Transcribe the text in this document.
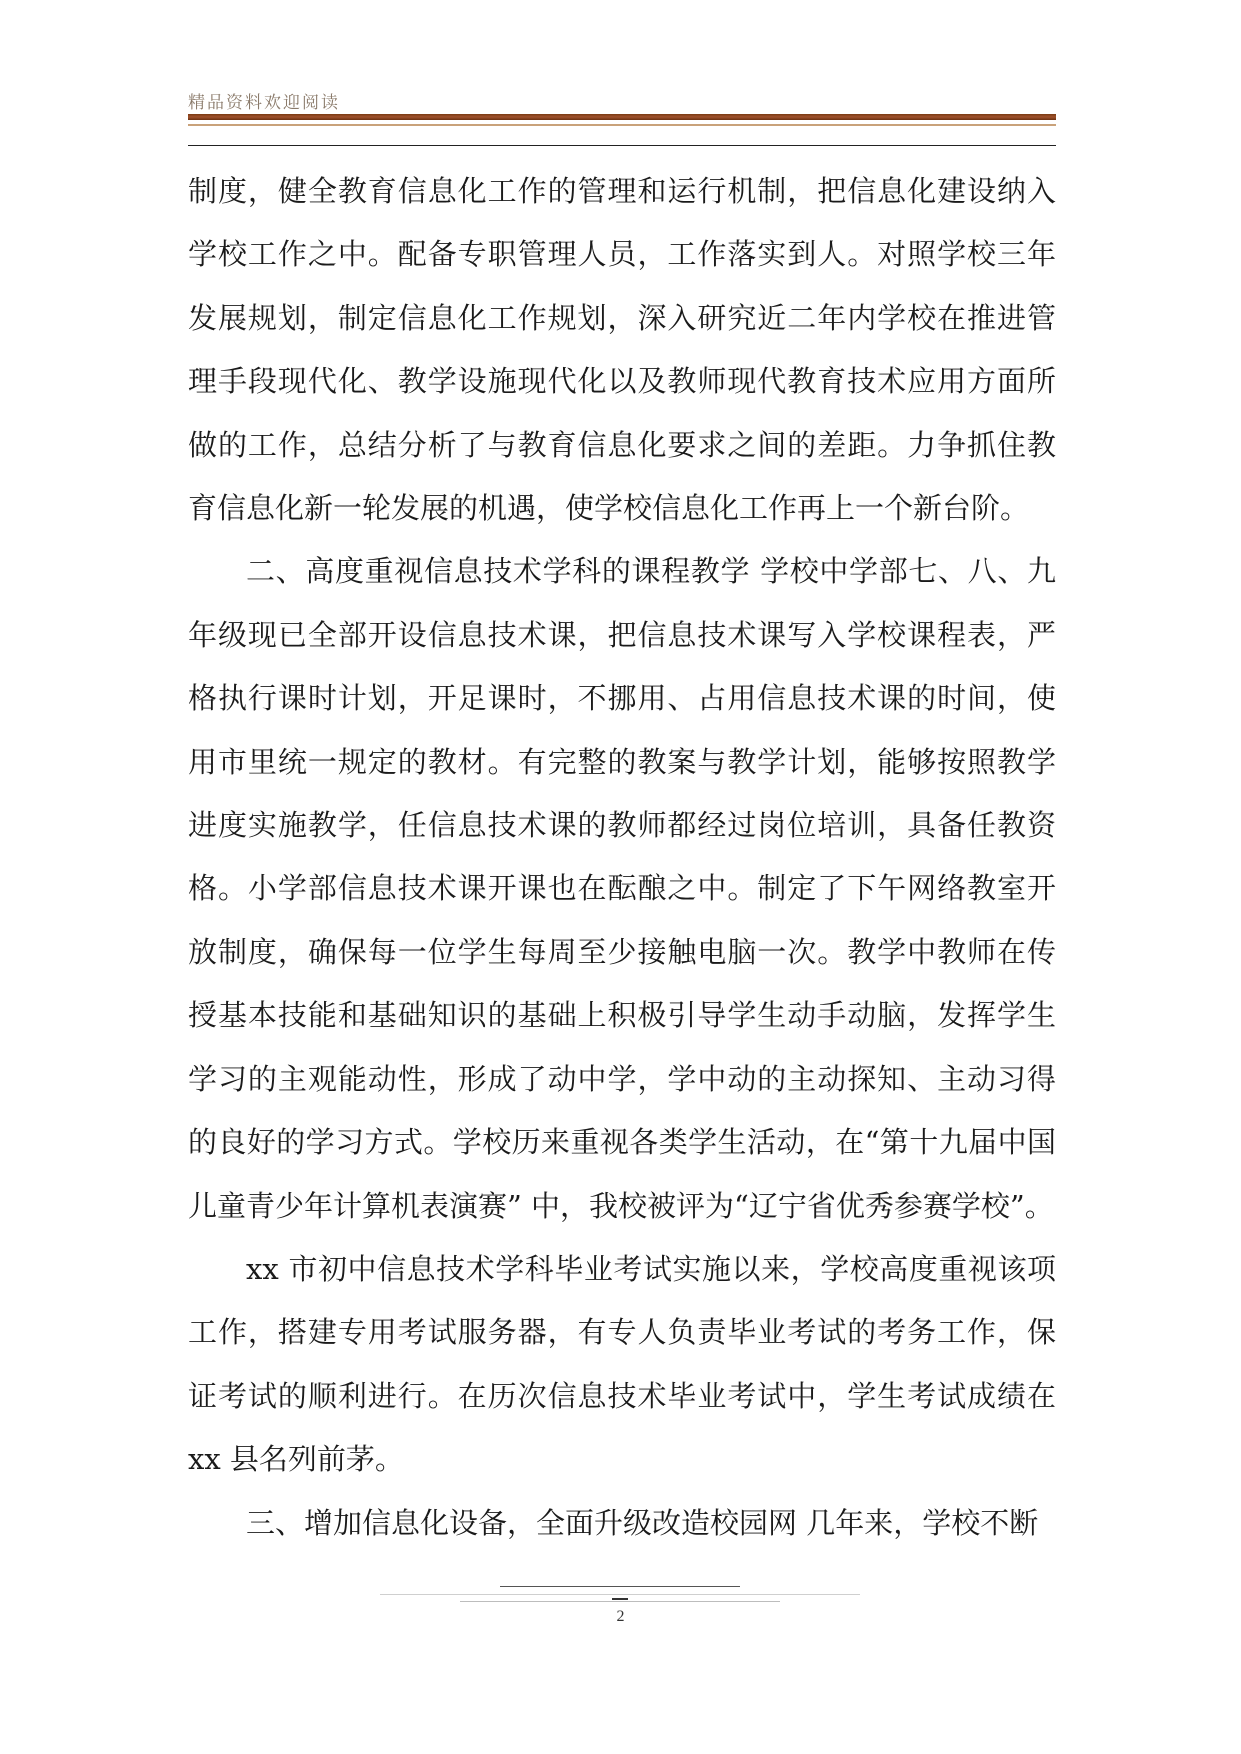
精品资料欢迎阅读

制度，健全教育信息化工作的管理和运行机制，把信息化建设纳入学校工作之中。配备专职管理人员，工作落实到人。对照学校三年发展规划，制定信息化工作规划，深入研究近二年内学校在推进管理手段现代化、教学设施现代化以及教师现代教育技术应用方面所做的工作，总结分析了与教育信息化要求之间的差距。力争抓住教育信息化新一轮发展的机遇，使学校信息化工作再上一个新台阶。

二、高度重视信息技术学科的课程教学 学校中学部七、八、九年级现已全部开设信息技术课，把信息技术课写入学校课程表，严格执行课时计划，开足课时，不挪用、占用信息技术课的时间，使用市里统一规定的教材。有完整的教案与教学计划，能够按照教学进度实施教学，任信息技术课的教师都经过岗位培训，具备任教资格。小学部信息技术课开课也在酝酿之中。制定了下午网络教室开放制度，确保每一位学生每周至少接触电脑一次。教学中教师在传授基本技能和基础知识的基础上积极引导学生动手动脑，发挥学生学习的主观能动性，形成了动中学，学中动的主动探知、主动习得的良好的学习方式。学校历来重视各类学生活动，在“第十九届中国儿童青少年计算机表演赛” 中，我校被评为“辽宁省优秀参赛学校”。

xx 市初中信息技术学科毕业考试实施以来，学校高度重视该项工作，搭建专用考试服务器，有专人负责毕业考试的考务工作，保证考试的顺利进行。在历次信息技术毕业考试中，学生考试成绩在 xx 县名列前茅。

三、增加信息化设备，全面升级改造校园网 几年来，学校不断

2
